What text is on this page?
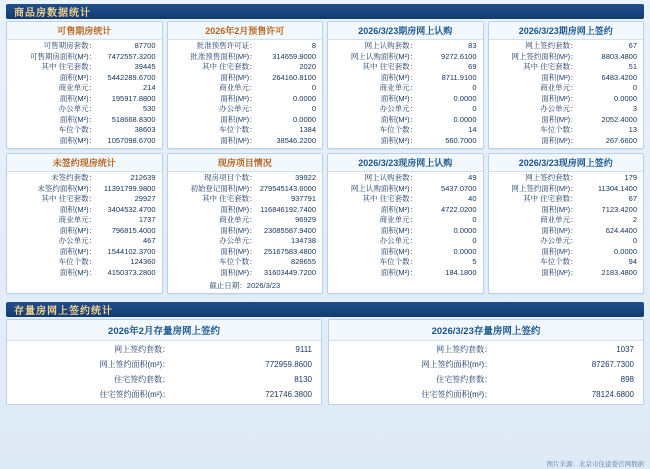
商品房数据统计
可售期房统计
可售期房套数：	87700
可售期房面积(M²)：	7472557.3200
其中 住宅套数：	39445
面积(M²)：	5442289.6700
商业单元：	214
面积(M²)：	195917.8800
办公单元：	530
面积(M²)：	518668.8300
车位个数：	38603
面积(M²)：	1057098.6700
2026年2月预售许可
批准预售许可证：	8
批准预售面积(M²)：	314659.9000
其中 住宅套数：	2020
面积(M²)：	264160.8100
商业单元：	0
面积(M²)：	0.0000
办公单元：	0
面积(M²)：	0.0000
车位个数：	1384
面积(M²)：	38546.2200
2026/3/23期房网上认购
网上认购套数：	83
网上认购面积(M²)：	9272.6100
其中 住宅套数：	69
面积(M²)：	8711.9100
商业单元：	0
面积(M²)：	0.0000
办公单元：	0
面积(M²)：	0.0000
车位个数：	14
面积(M²)：	560.7000
2026/3/23期房网上签约
网上签约套数：	67
网上签约面积(M²)：	8803.4800
其中 住宅套数：	51
面积(M²)：	6483.4200
商业单元：	0
面积(M²)：	0.0000
办公单元：	3
面积(M²)：	2052.4000
车位个数：	13
面积(M²)：	267.6600
未签约现房统计
未签约套数：	212639
未签约面积(M²)：	11391799.9800
其中 住宅套数：	29927
面积(M²)：	3404532.4700
商业单元：	1737
面积(M²)：	796815.4000
办公单元：	467
面积(M²)：	1544102.3700
车位个数：	124360
面积(M²)：	4150373.2800
现房项目情况
现房项目个数：	39922
初始登记面积(M²)： 279545143.6000
其中 住宅套数：	937791
面积(M²)： 116846192.7400
商业单元：	96929
面积(M²)： 23085587.9400
办公单元：	134738
面积(M²)： 25167583.4800
车位个数：	828655
面积(M²)： 31603449.7200
截止日期：2026/3/23
2026/3/23现房网上认购
网上认购套数：	49
网上认购面积(M²)：	5437.0700
其中 住宅套数：	40
面积(M²)：	4722.0200
商业单元：	0
面积(M²)：	0.0000
办公单元：	0
面积(M²)：	0.0000
车位个数：	5
面积(M²)：	184.1800
2026/3/23现房网上签约
网上签约套数：	179
网上签约面积(M²)：	11304.1400
其中 住宅套数：	67
面积(M²)：	7123.4200
商业单元：	2
面积(M²)：	624.4400
办公单元：	0
面积(M²)：	0.0000
车位个数：	94
面积(M²)：	2183.4800
存量房网上签约统计
2026年2月存量房网上签约
网上签约套数：	9111
网上签约面积(m²)：	772959.8600
住宅签约套数：	8130
住宅签约面积(m²)：	721746.3800
2026/3/23存量房网上签约
网上签约套数：	1037
网上签约面积(m²)：	87267.7300
住宅签约套数：	898
住宅签约面积(m²)：	78124.6800
图片来源：北京市住建委官网数据
